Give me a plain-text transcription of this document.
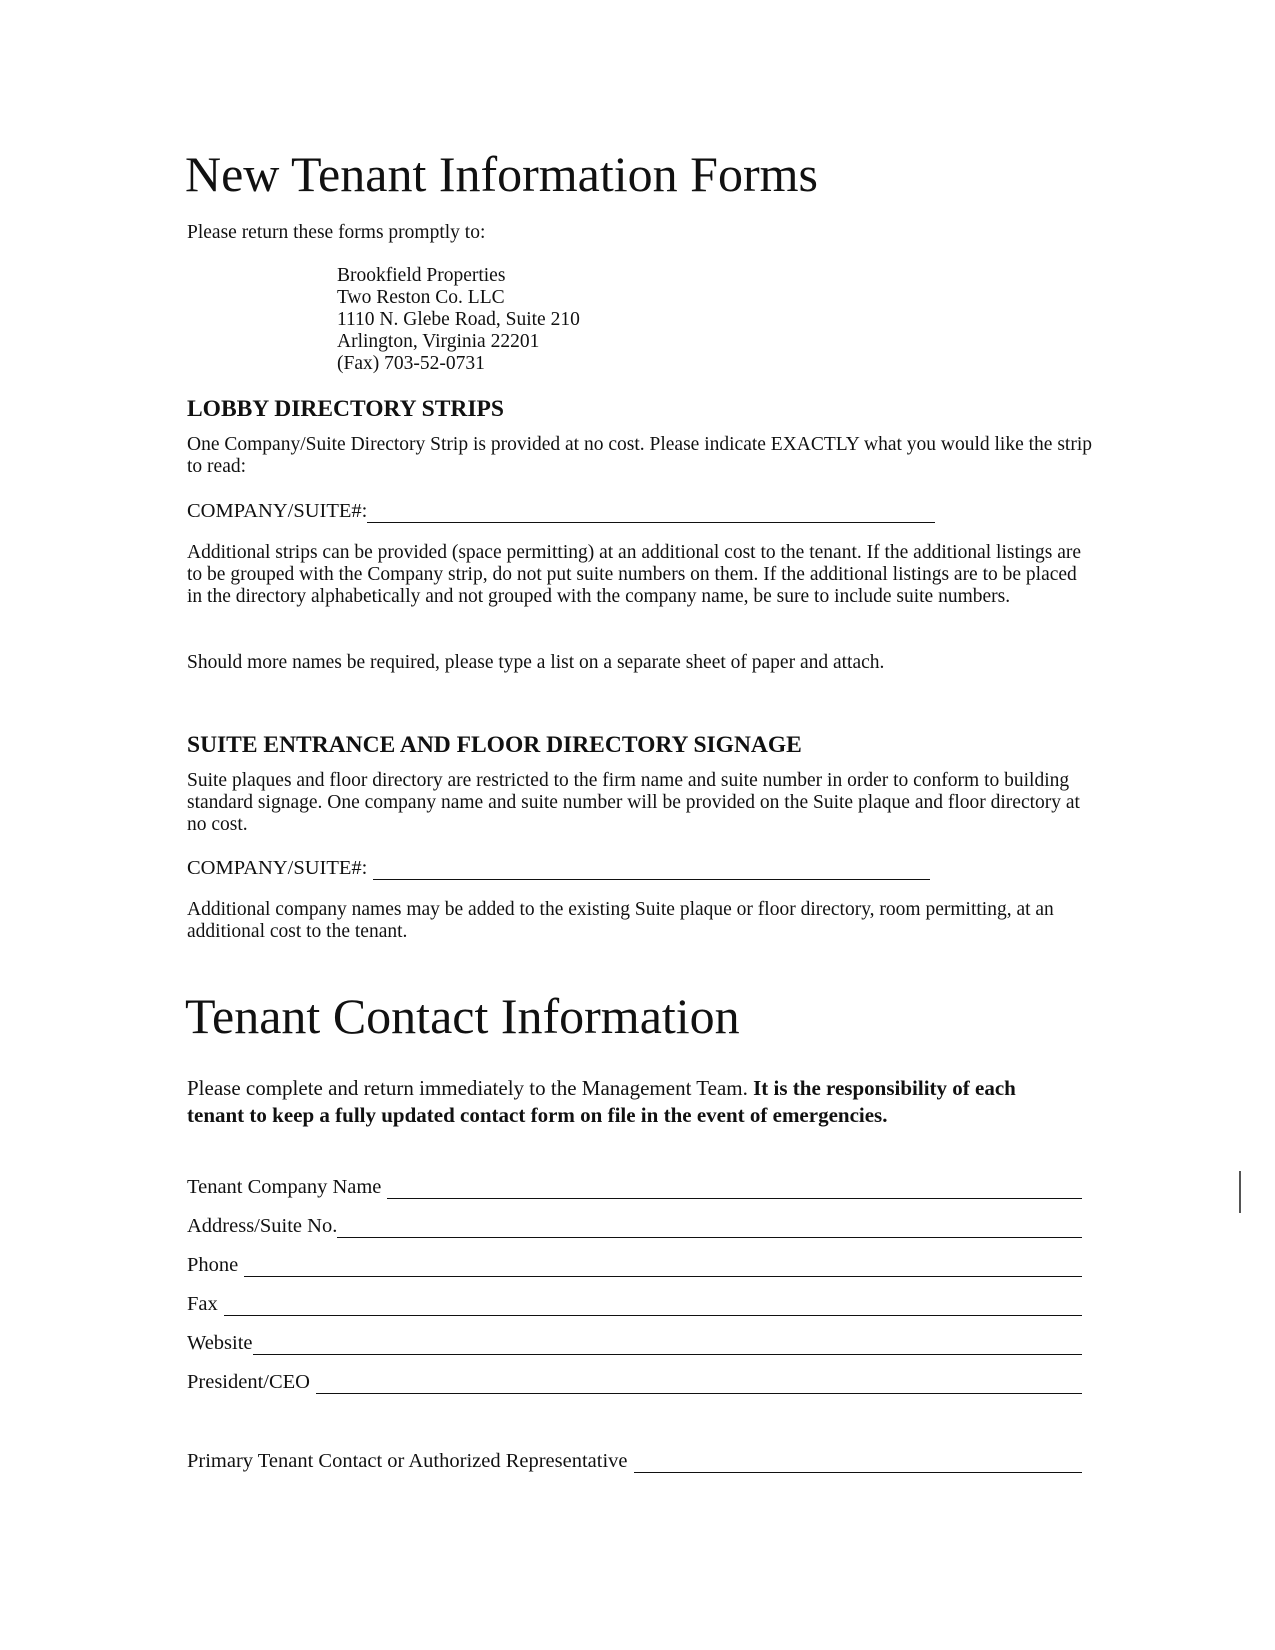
New Tenant Information Forms
Please return these forms promptly to:
Brookfield Properties
Two Reston Co. LLC
1110 N. Glebe Road, Suite 210
Arlington, Virginia 22201
(Fax) 703-52-0731
LOBBY DIRECTORY STRIPS
One Company/Suite Directory Strip is provided at no cost. Please indicate EXACTLY what you would like the strip to read:
COMPANY/SUITE#:
Additional strips can be provided (space permitting) at an additional cost to the tenant. If the additional listings are to be grouped with the Company strip, do not put suite numbers on them. If the additional listings are to be placed in the directory alphabetically and not grouped with the company name, be sure to include suite numbers.
Should more names be required, please type a list on a separate sheet of paper and attach.
SUITE ENTRANCE AND FLOOR DIRECTORY SIGNAGE
Suite plaques and floor directory are restricted to the firm name and suite number in order to conform to building standard signage. One company name and suite number will be provided on the Suite plaque and floor directory at no cost.
COMPANY/SUITE#:
Additional company names may be added to the existing Suite plaque or floor directory, room permitting, at an additional cost to the tenant.
Tenant Contact Information
Please complete and return immediately to the Management Team. It is the responsibility of each tenant to keep a fully updated contact form on file in the event of emergencies.
Tenant Company Name
Address/Suite No.
Phone
Fax
Website
President/CEO
Primary Tenant Contact or Authorized Representative
